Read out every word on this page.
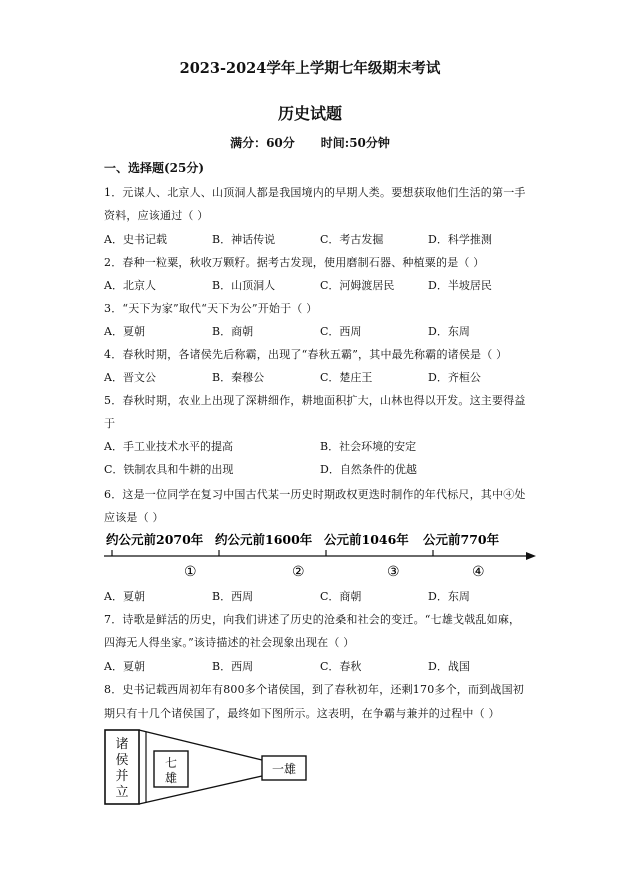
2023-2024学年上学期七年级期末考试
历史试题
满分：60分 时间:50分钟
一、选择题(25分)
1．元谋人、北京人、山顶洞人都是我国境内的早期人类。要想获取他们生活的第一手
资料，应该通过（ ）
A．史书记载	B．神话传说	C．考古发掘	D．科学推测
2．春种一粒粟，秋收万颗籽。据考古发现，使用磨制石器、种植粟的是（ ）
A．北京人	B．山顶洞人	C．河姆渡居民	D．半坡居民
3．“天下为家”取代“天下为公”开始于（ ）
A．夏朝	B．商朝	C．西周	D．东周
4．春秋时期，各诸侯先后称霸，出现了“春秋五霸”，其中最先称霸的诸侯是（ ）
A．晋文公	B．秦穆公	C．楚庄王	D．齐桓公
5．春秋时期，农业上出现了深耕细作，耕地面积扩大，山林也得以开发。这主要得益
于
A．手工业技术水平的提高	B．社会环境的安定
C．铁制农具和牛耕的出现	D．自然条件的优越
6．这是一位同学在复习中国古代某一历史时期政权更迭时制作的年代标尺，其中④处
应该是（ ）
约公元前2070年 约公元前1600年 公元前1046年 公元前770年
①	②	③	④
A．夏朝	B．西周	C．商朝	D．东周
7．诗歌是鲜活的历史，向我们讲述了历史的沧桑和社会的变迁。“七雄戈戟乱如麻，
四海无人得坐家。”该诗描述的社会现象出现在（ ）
A．夏朝	B．西周	C．春秋	D．战国
8．史书记载西周初年有800多个诸侯国，到了春秋初年，还剩170多个，而到战国初
期只有十几个诸侯国了，最终如下图所示。这表明，在争霸与兼并的过程中（ ）
诸
侯
并
立
七
雄
一雄
